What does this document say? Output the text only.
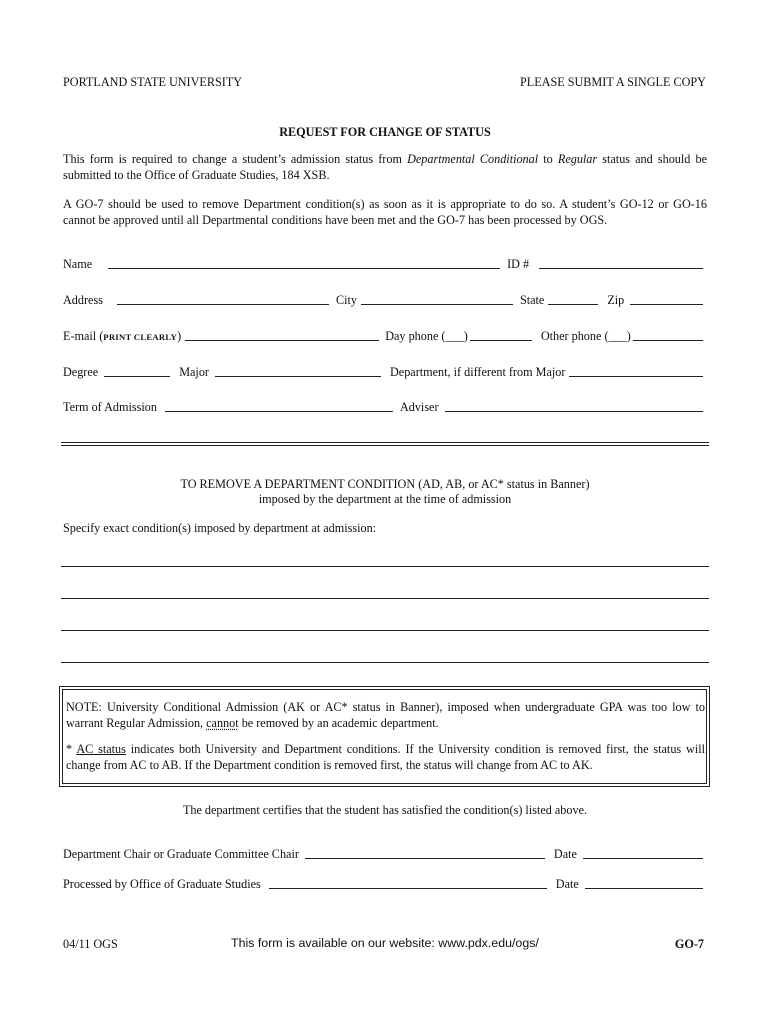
PORTLAND STATE UNIVERSITY	PLEASE SUBMIT A SINGLE COPY
REQUEST FOR CHANGE OF STATUS
This form is required to change a student’s admission status from Departmental Conditional to Regular status and should be submitted to the Office of Graduate Studies, 184 XSB.
A GO-7 should be used to remove Department condition(s) as soon as it is appropriate to do so. A student’s GO-12 or GO-16 cannot be approved until all Departmental conditions have been met and the GO-7 has been processed by OGS.
Name	ID #
Address	City	State	Zip
E-mail (PRINT CLEARLY)	Day phone (___)	Other phone (___)
Degree	Major	Department, if different from Major
Term of Admission	Adviser
TO REMOVE A DEPARTMENT CONDITION (AD, AB, or AC* status in Banner)
imposed by the department at the time of admission
Specify exact condition(s) imposed by department at admission:

NOTE: University Conditional Admission (AK or AC* status in Banner), imposed when undergraduate GPA was too low to warrant Regular Admission, cannot be removed by an academic department.

* AC status indicates both University and Department conditions. If the University condition is removed first, the status will change from AC to AB. If the Department condition is removed first, the status will change from AC to AK.

The department certifies that the student has satisfied the condition(s) listed above.
Department Chair or Graduate Committee Chair	Date
Processed by Office of Graduate Studies	Date
04/11 OGS	This form is available on our website: www.pdx.edu/ogs/	GO-7
